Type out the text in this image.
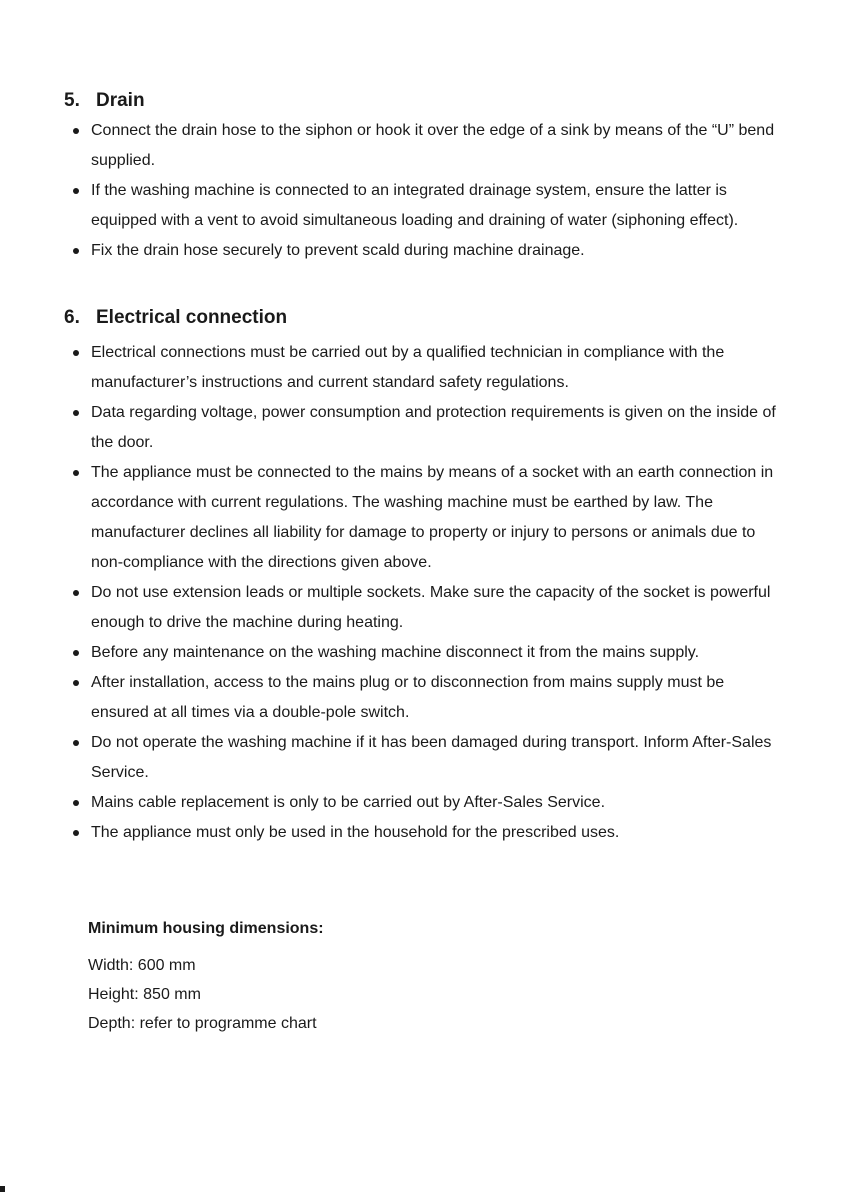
5. Drain
Connect the drain hose to the siphon or hook it over the edge of a sink by means of the “U” bend supplied.
If the washing machine is connected to an integrated drainage system, ensure the latter is equipped with a vent to avoid simultaneous loading and draining of water (siphoning effect).
Fix the drain hose securely to prevent scald during machine drainage.
6. Electrical connection
Electrical connections must be carried out by a qualified technician in compliance with the manufacturer’s instructions and current standard safety regulations.
Data regarding voltage, power consumption and protection requirements is given on the inside of the door.
The appliance must be connected to the mains by means of a socket with an earth connection in accordance with current regulations. The washing machine must be earthed by law. The manufacturer declines all liability for damage to property or injury to persons or animals due to non-compliance with the directions given above.
Do not use extension leads or multiple sockets. Make sure the capacity of the socket is powerful enough to drive the machine during heating.
Before any maintenance on the washing machine disconnect it from the mains supply.
After installation, access to the mains plug or to disconnection from mains supply must be ensured at all times via a double-pole switch.
Do not operate the washing machine if it has been damaged during transport. Inform After-Sales Service.
Mains cable replacement is only to be carried out by After-Sales Service.
The appliance must only be used in the household for the prescribed uses.

Minimum housing dimensions:

Width: 600 mm

Height: 850 mm

Depth: refer to programme chart
